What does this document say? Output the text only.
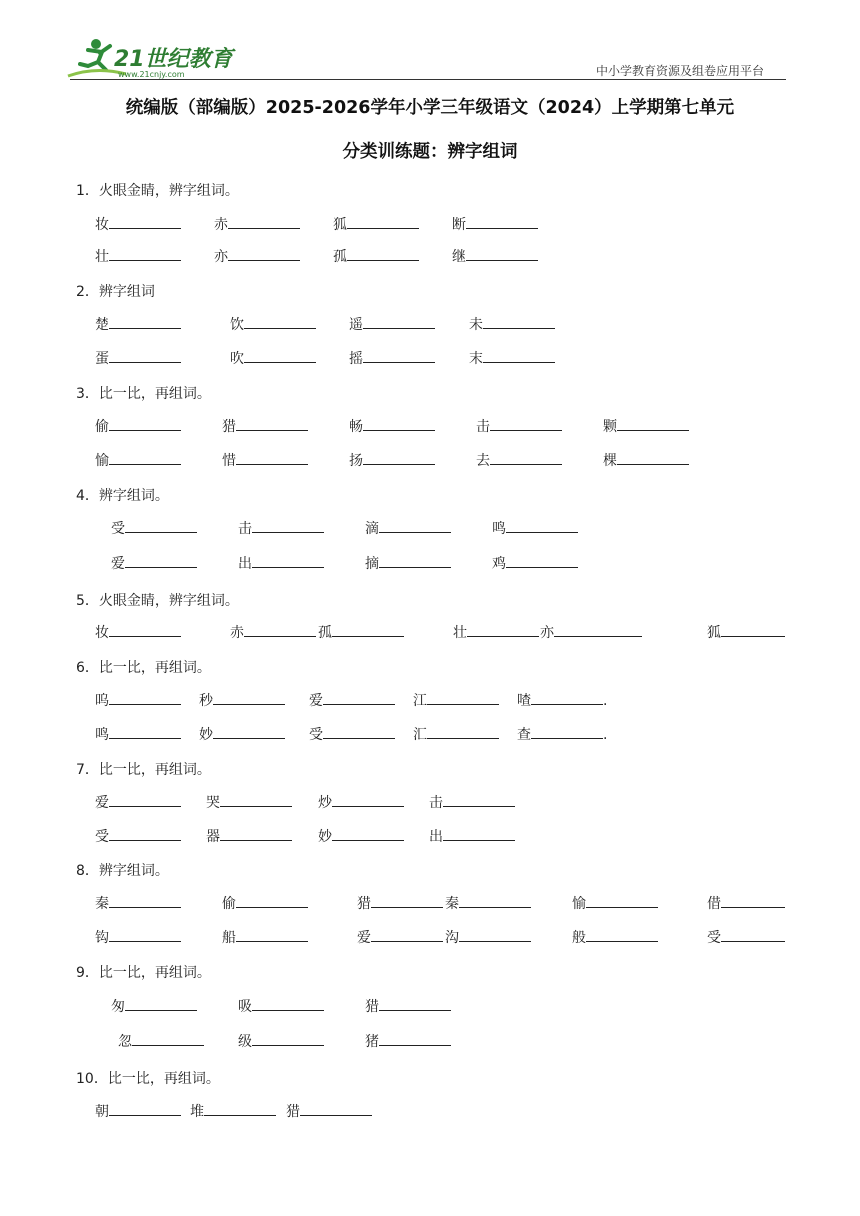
21世纪教育
www.21cnjy.com	中小学教育资源及组卷应用平台
统编版（部编版）2025-2026学年小学三年级语文（2024）上学期第七单元
分类训练题：辨字组词
1．火眼金睛，辨字组词。
妆	赤	狐	断
壮	亦	孤	继
2．辨字组词
楚	饮	遥	未
蛋	吹	摇	末
3．比一比，再组词。
偷	猎	畅	击	颗
愉	惜	扬	去	棵
4．辨字组词。
受	击	滴	鸣
爱	出	摘	鸡
5．火眼金睛，辨字组词。
妆	赤	孤	壮	亦	狐
6．比一比，再组词。
呜	秒	爱	江	喳	.
鸣	妙	受	汇	查	.
7．比一比，再组词。
爱	哭	炒	击
受	器	妙	出
8．辨字组词。
秦	偷	猎	秦	愉	借
钩	船	爱	沟	般	受
9．比一比，再组词。
匆	吸	猎
忽	级	猪
10．比一比，再组词。
朝	堆	猎
